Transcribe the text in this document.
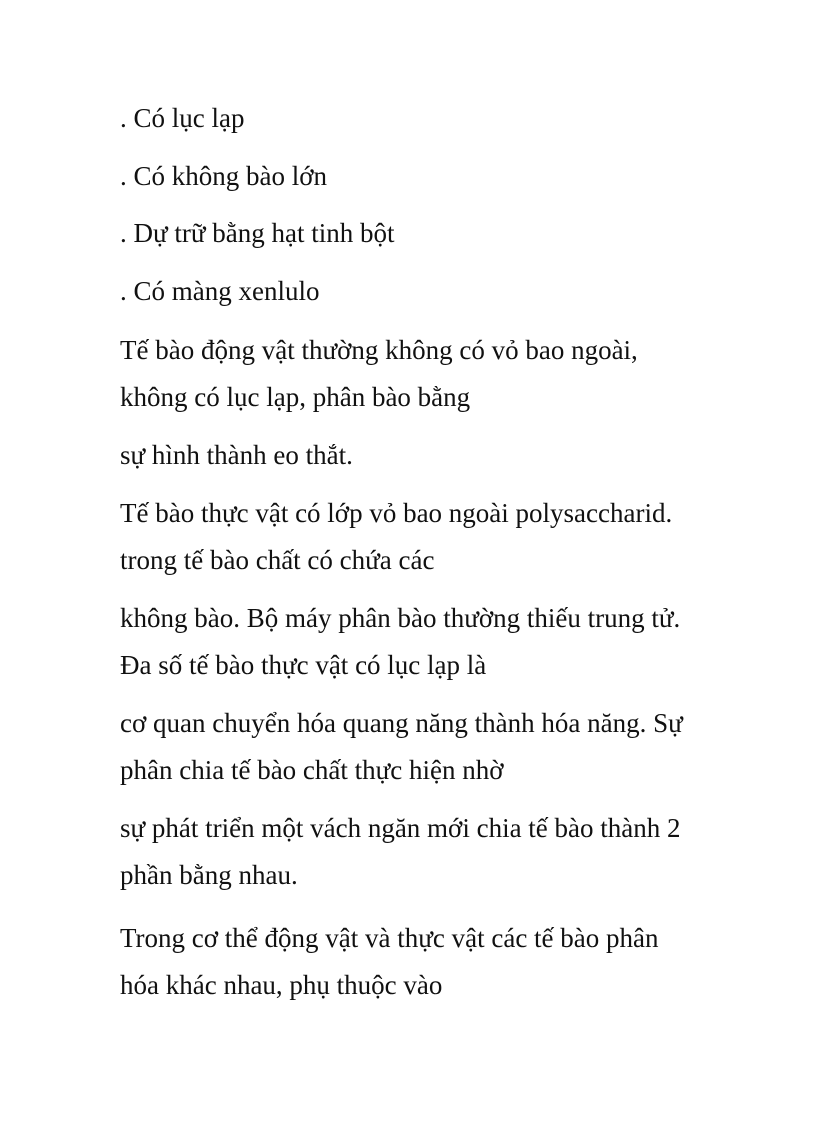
. Có lục lạp

. Có không bào lớn

. Dự trữ bằng hạt tinh bột

. Có màng xenlulo

Tế bào động vật thường không có vỏ bao ngoài,

không có lục lạp, phân bào bằng

sự hình thành eo thắt.

Tế bào thực vật có lớp vỏ bao ngoài polysaccharid.

trong tế bào chất có chứa các

không bào. Bộ máy phân bào thường thiếu trung tử.

Đa số tế bào thực vật có lục lạp là

cơ quan chuyển hóa quang năng thành hóa năng. Sự

phân chia tế bào chất thực hiện nhờ

sự phát triển một vách ngăn mới chia tế bào thành 2

phần bằng nhau.

Trong cơ thể động vật và thực vật các tế bào phân

hóa khác nhau, phụ thuộc vào
